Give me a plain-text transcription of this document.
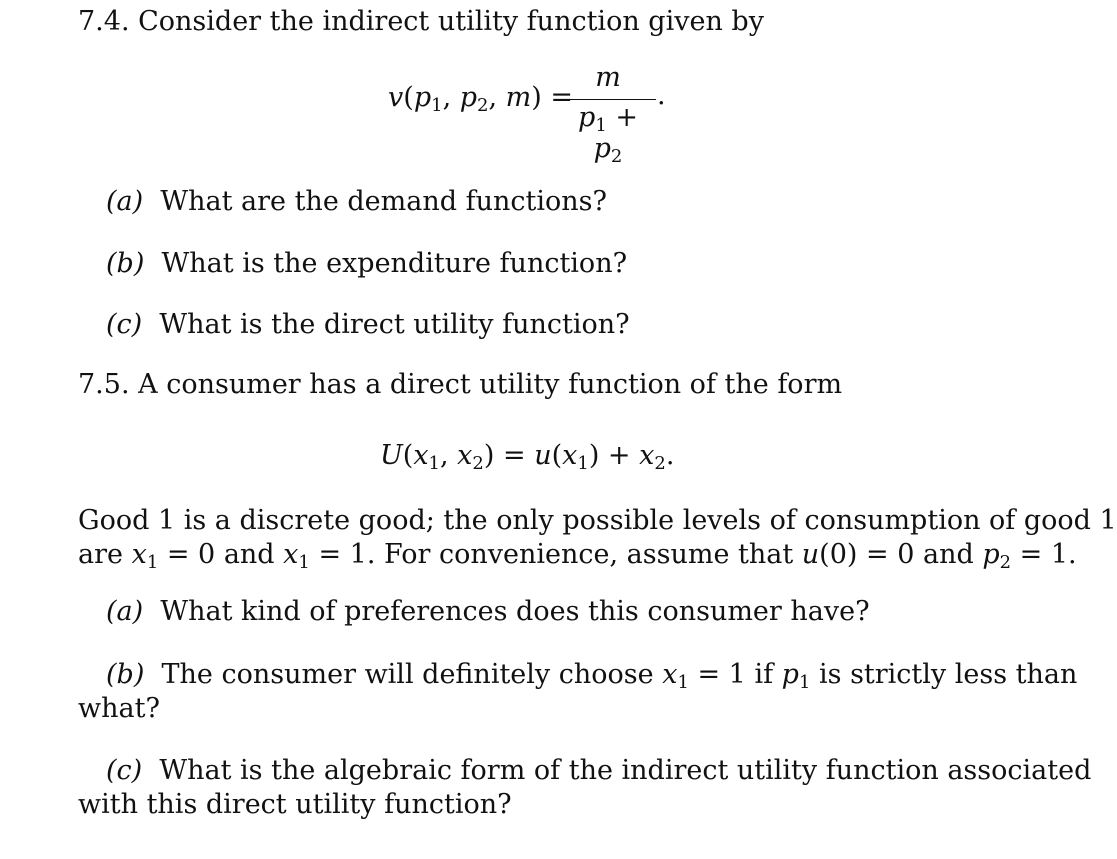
7.4. Consider the indirect utility function given by
$v(p_1$, $p_2$, m) =
$\frac{m}{p_1 + p_2}$ .
(a) What are the demand functions?
(b) What is the expenditure function?
(c) What is the direct utility function?
7.5. A consumer has a direct utility function of the form
$U(x_1$, $x_2) = u(x_1) + x_2$.
Good 1 is a discrete good; the only possible levels of consumption of good 1
are $x_1 = 0$ and $x_1 = 1$. For convenience, assume that u(0) = 0 and $p_2 = 1$.
(a) What kind of preferences does this consumer have?
(b)  The consumer will definitely choose $x_1 = 1$ if $p_1$ is strictly less than
what?
(c) What is the algebraic form of the indirect utility function associated
with this direct utility function?
